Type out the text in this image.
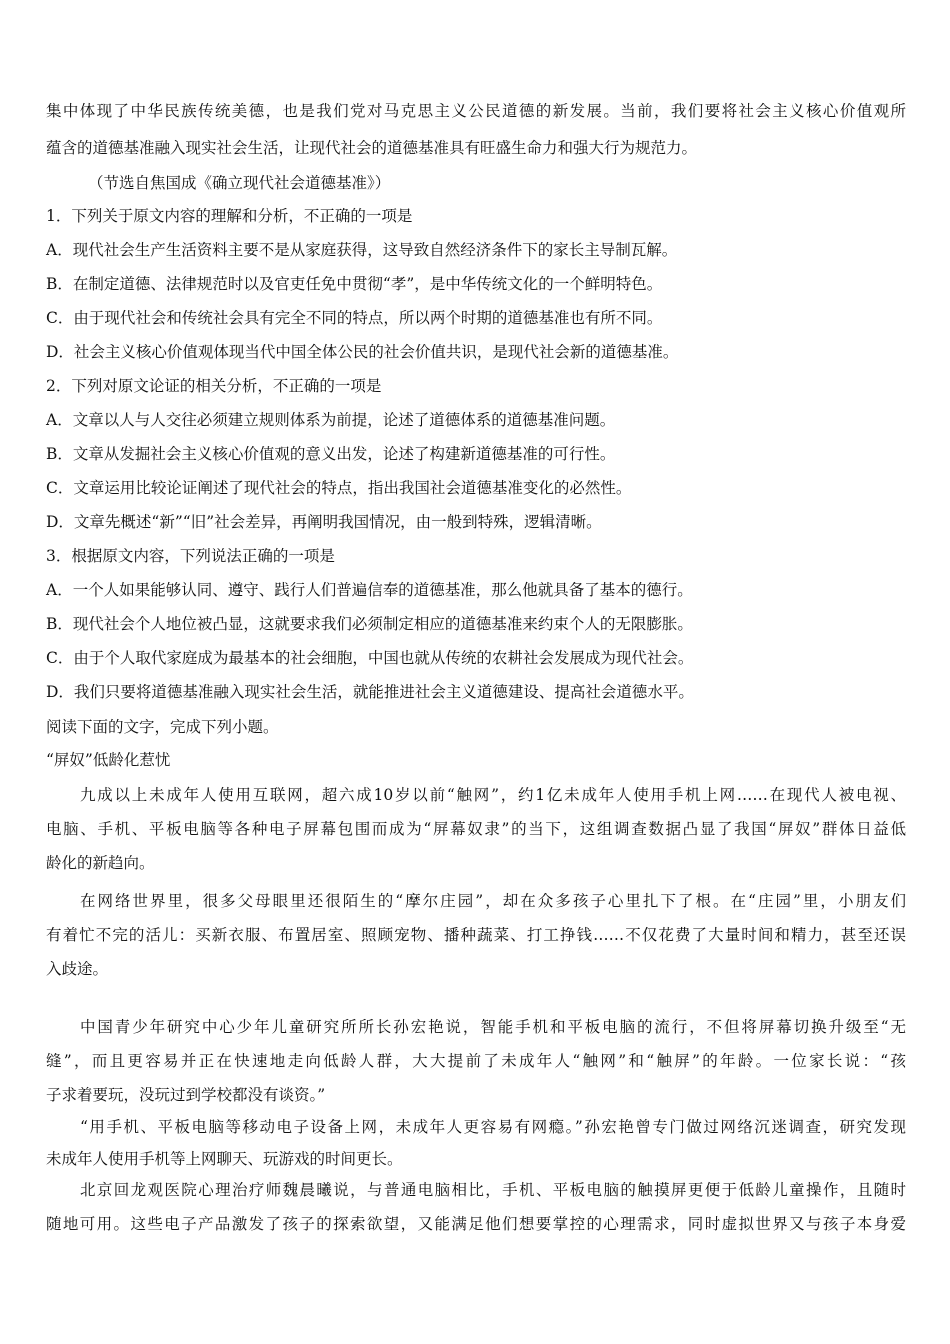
集中体现了中华民族传统美德，也是我们党对马克思主义公民道德的新发展。当前，我们要将社会主义核心价值观所
蕴含的道德基准融入现实社会生活，让现代社会的道德基准具有旺盛生命力和强大行为规范力。
（节选自焦国成《确立现代社会道德基准》）
1．下列关于原文内容的理解和分析，不正确的一项是
A．现代社会生产生活资料主要不是从家庭获得，这导致自然经济条件下的家长主导制瓦解。
B．在制定道德、法律规范时以及官吏任免中贯彻“孝”，是中华传统文化的一个鲜明特色。
C．由于现代社会和传统社会具有完全不同的特点，所以两个时期的道德基准也有所不同。
D．社会主义核心价值观体现当代中国全体公民的社会价值共识，是现代社会新的道德基准。
2．下列对原文论证的相关分析，不正确的一项是
A．文章以人与人交往必须建立规则体系为前提，论述了道德体系的道德基准问题。
B．文章从发掘社会主义核心价值观的意义出发，论述了构建新道德基准的可行性。
C．文章运用比较论证阐述了现代社会的特点，指出我国社会道德基准变化的必然性。
D．文章先概述“新”“旧”社会差异，再阐明我国情况，由一般到特殊，逻辑清晰。
3．根据原文内容，下列说法正确的一项是
A．一个人如果能够认同、遵守、践行人们普遍信奉的道德基准，那么他就具备了基本的德行。
B．现代社会个人地位被凸显，这就要求我们必须制定相应的道德基准来约束个人的无限膨胀。
C．由于个人取代家庭成为最基本的社会细胞，中国也就从传统的农耕社会发展成为现代社会。
D．我们只要将道德基准融入现实社会生活，就能推进社会主义道德建设、提高社会道德水平。
阅读下面的文字，完成下列小题。
“屏奴”低龄化惹忧
九成以上未成年人使用互联网，超六成10岁以前“触网”，约1亿未成年人使用手机上网……在现代人被电视、
电脑、手机、平板电脑等各种电子屏幕包围而成为“屏幕奴隶”的当下，这组调查数据凸显了我国“屏奴”群体日益低
龄化的新趋向。
在网络世界里，很多父母眼里还很陌生的“摩尔庄园”，却在众多孩子心里扎下了根。在“庄园”里，小朋友们
有着忙不完的活儿：买新衣服、布置居室、照顾宠物、播种蔬菜、打工挣钱……不仅花费了大量时间和精力，甚至还误
入歧途。
中国青少年研究中心少年儿童研究所所长孙宏艳说，智能手机和平板电脑的流行，不但将屏幕切换升级至“无
缝”，而且更容易并正在快速地走向低龄人群，大大提前了未成年人“触网”和“触屏”的年龄。一位家长说：“孩
子求着要玩，没玩过到学校都没有谈资。”
“用手机、平板电脑等移动电子设备上网，未成年人更容易有网瘾。”孙宏艳曾专门做过网络沉迷调查，研究发现
未成年人使用手机等上网聊天、玩游戏的时间更长。
北京回龙观医院心理治疗师魏晨曦说，与普通电脑相比，手机、平板电脑的触摸屏更便于低龄儿童操作，且随时
随地可用。这些电子产品激发了孩子的探索欲望，又能满足他们想要掌控的心理需求，同时虚拟世界又与孩子本身爱
